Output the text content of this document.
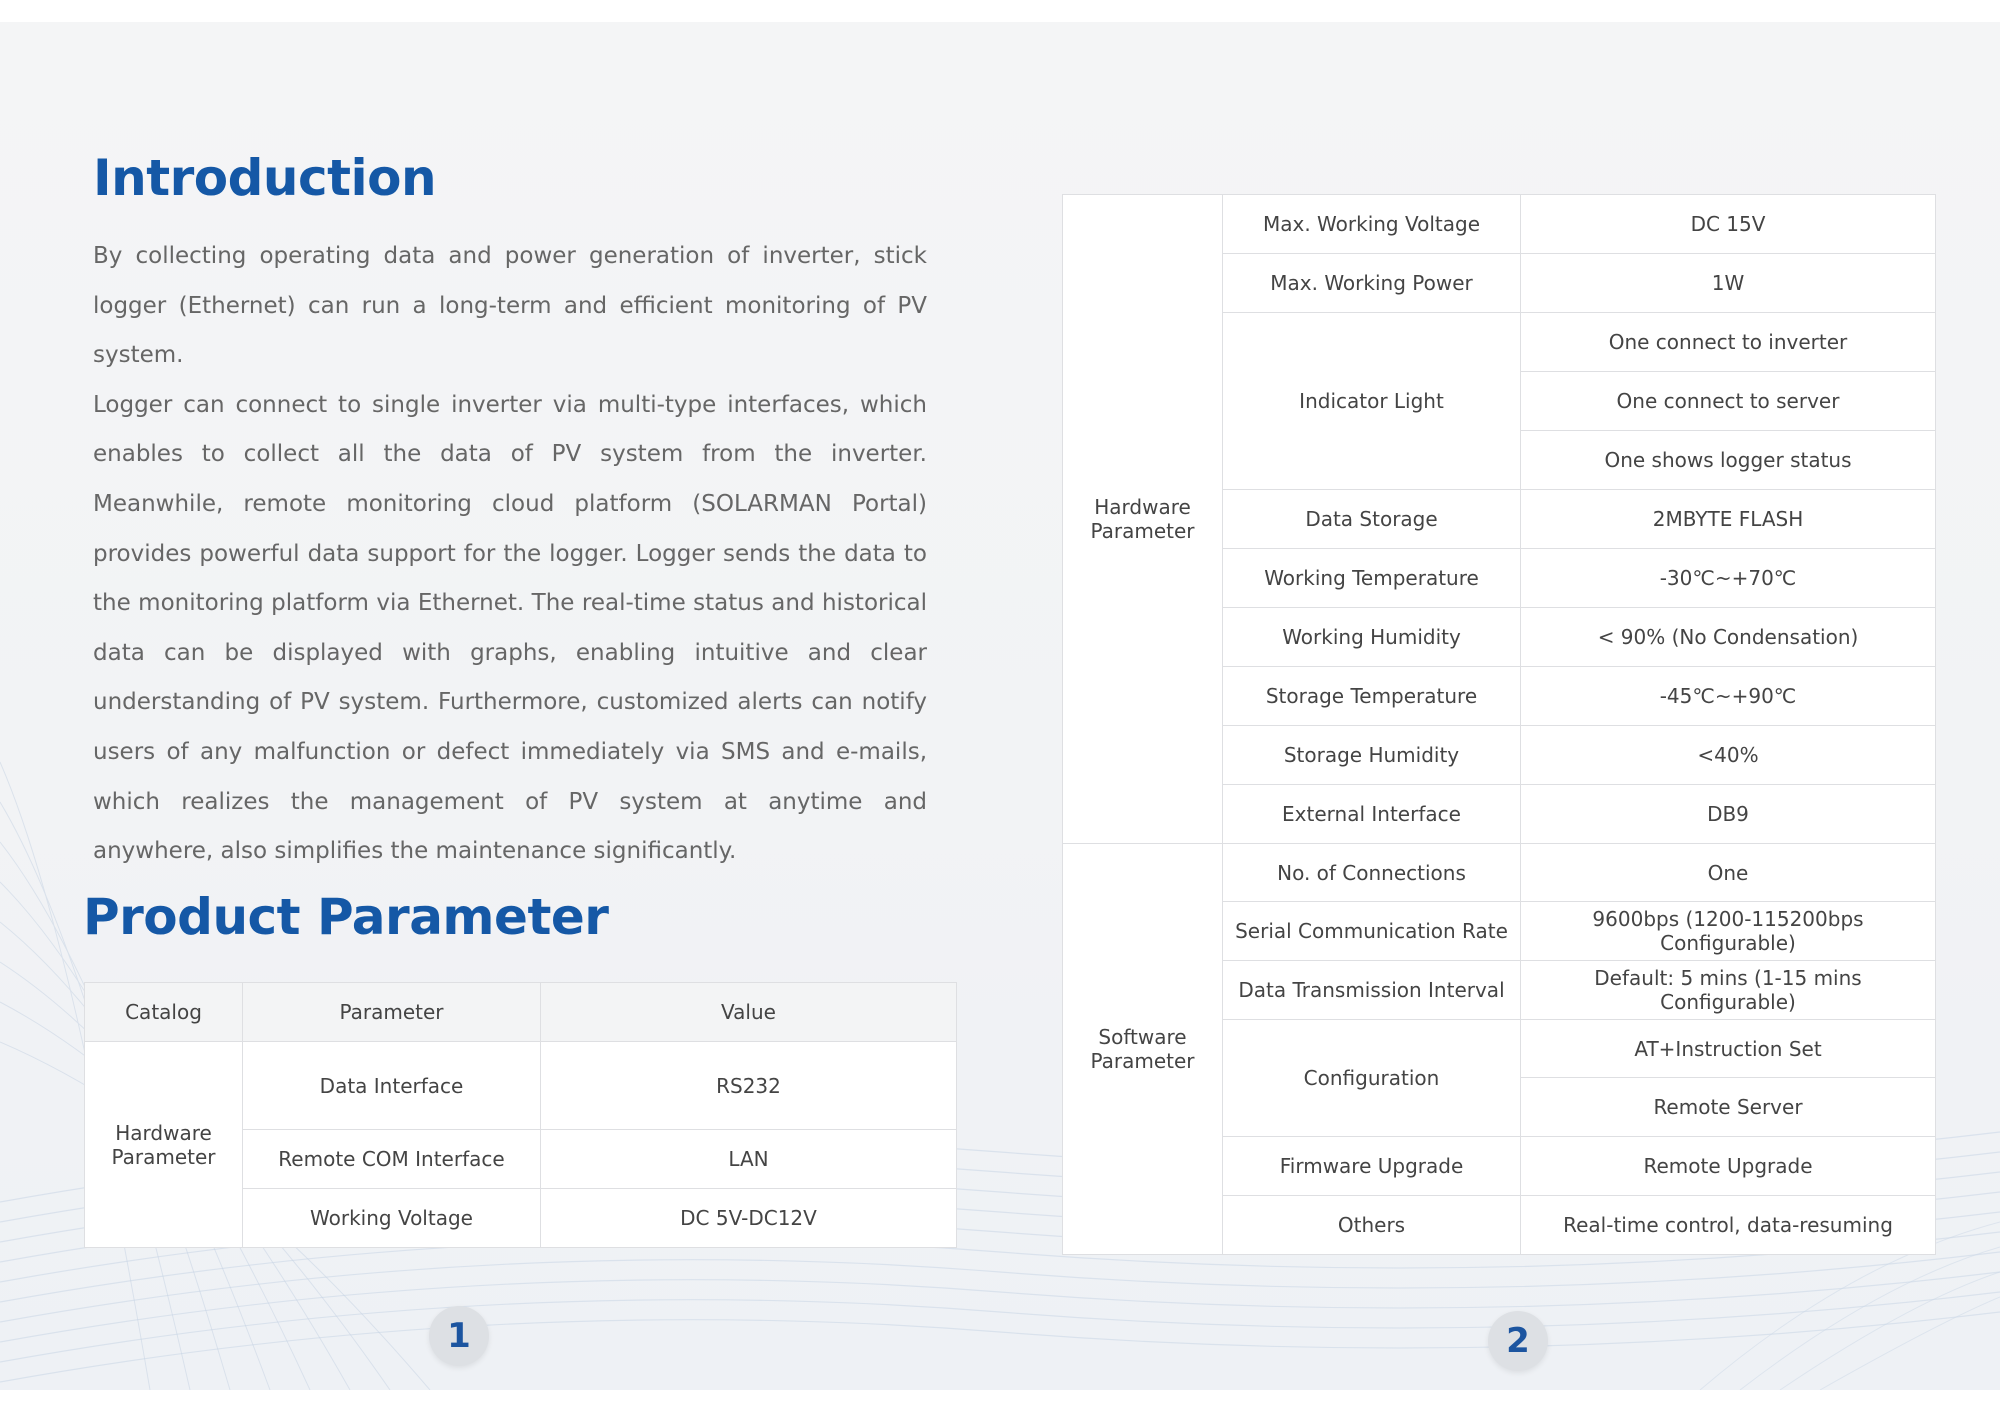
Introduction

By collecting operating data and power generation of inverter, stick logger (Ethernet) can run a long-term and efficient monitoring of PV system.

Logger can connect to single inverter via multi-type interfaces, which enables to collect all the data of PV system from the inverter. Meanwhile, remote monitoring cloud platform (SOLARMAN Portal) provides powerful data support for the logger. Logger sends the data to the monitoring platform via Ethernet. The real-time status and historical data can be displayed with graphs, enabling intuitive and clear understanding of PV system. Furthermore, customized alerts can notify users of any malfunction or defect immediately via SMS and e-mails, which realizes the management of PV system at anytime and anywhere, also simplifies the maintenance significantly.

Product Parameter
Catalog	Parameter	Value
Hardware Parameter	Data Interface	RS232
	Remote COM Interface	LAN
	Working Voltage	DC 5V-DC12V
Hardware Parameter	Max. Working Voltage	DC 15V
	Max. Working Power	1W
	Indicator Light	One connect to inverter
		One connect to server
		One shows logger status
	Data Storage	2MBYTE FLASH
	Working Temperature	-30℃~+70℃
	Working Humidity	< 90% (No Condensation)
	Storage Temperature	-45℃~+90℃
	Storage Humidity	<40%
	External Interface	DB9
Software Parameter	No. of Connections	One
	Serial Communication Rate	9600bps (1200-115200bps Configurable)
	Data Transmission Interval	Default: 5 mins (1-15 mins Configurable)
	Configuration	AT+Instruction Set
		Remote Server
	Firmware Upgrade	Remote Upgrade
	Others	Real-time control, data-resuming
1	2
